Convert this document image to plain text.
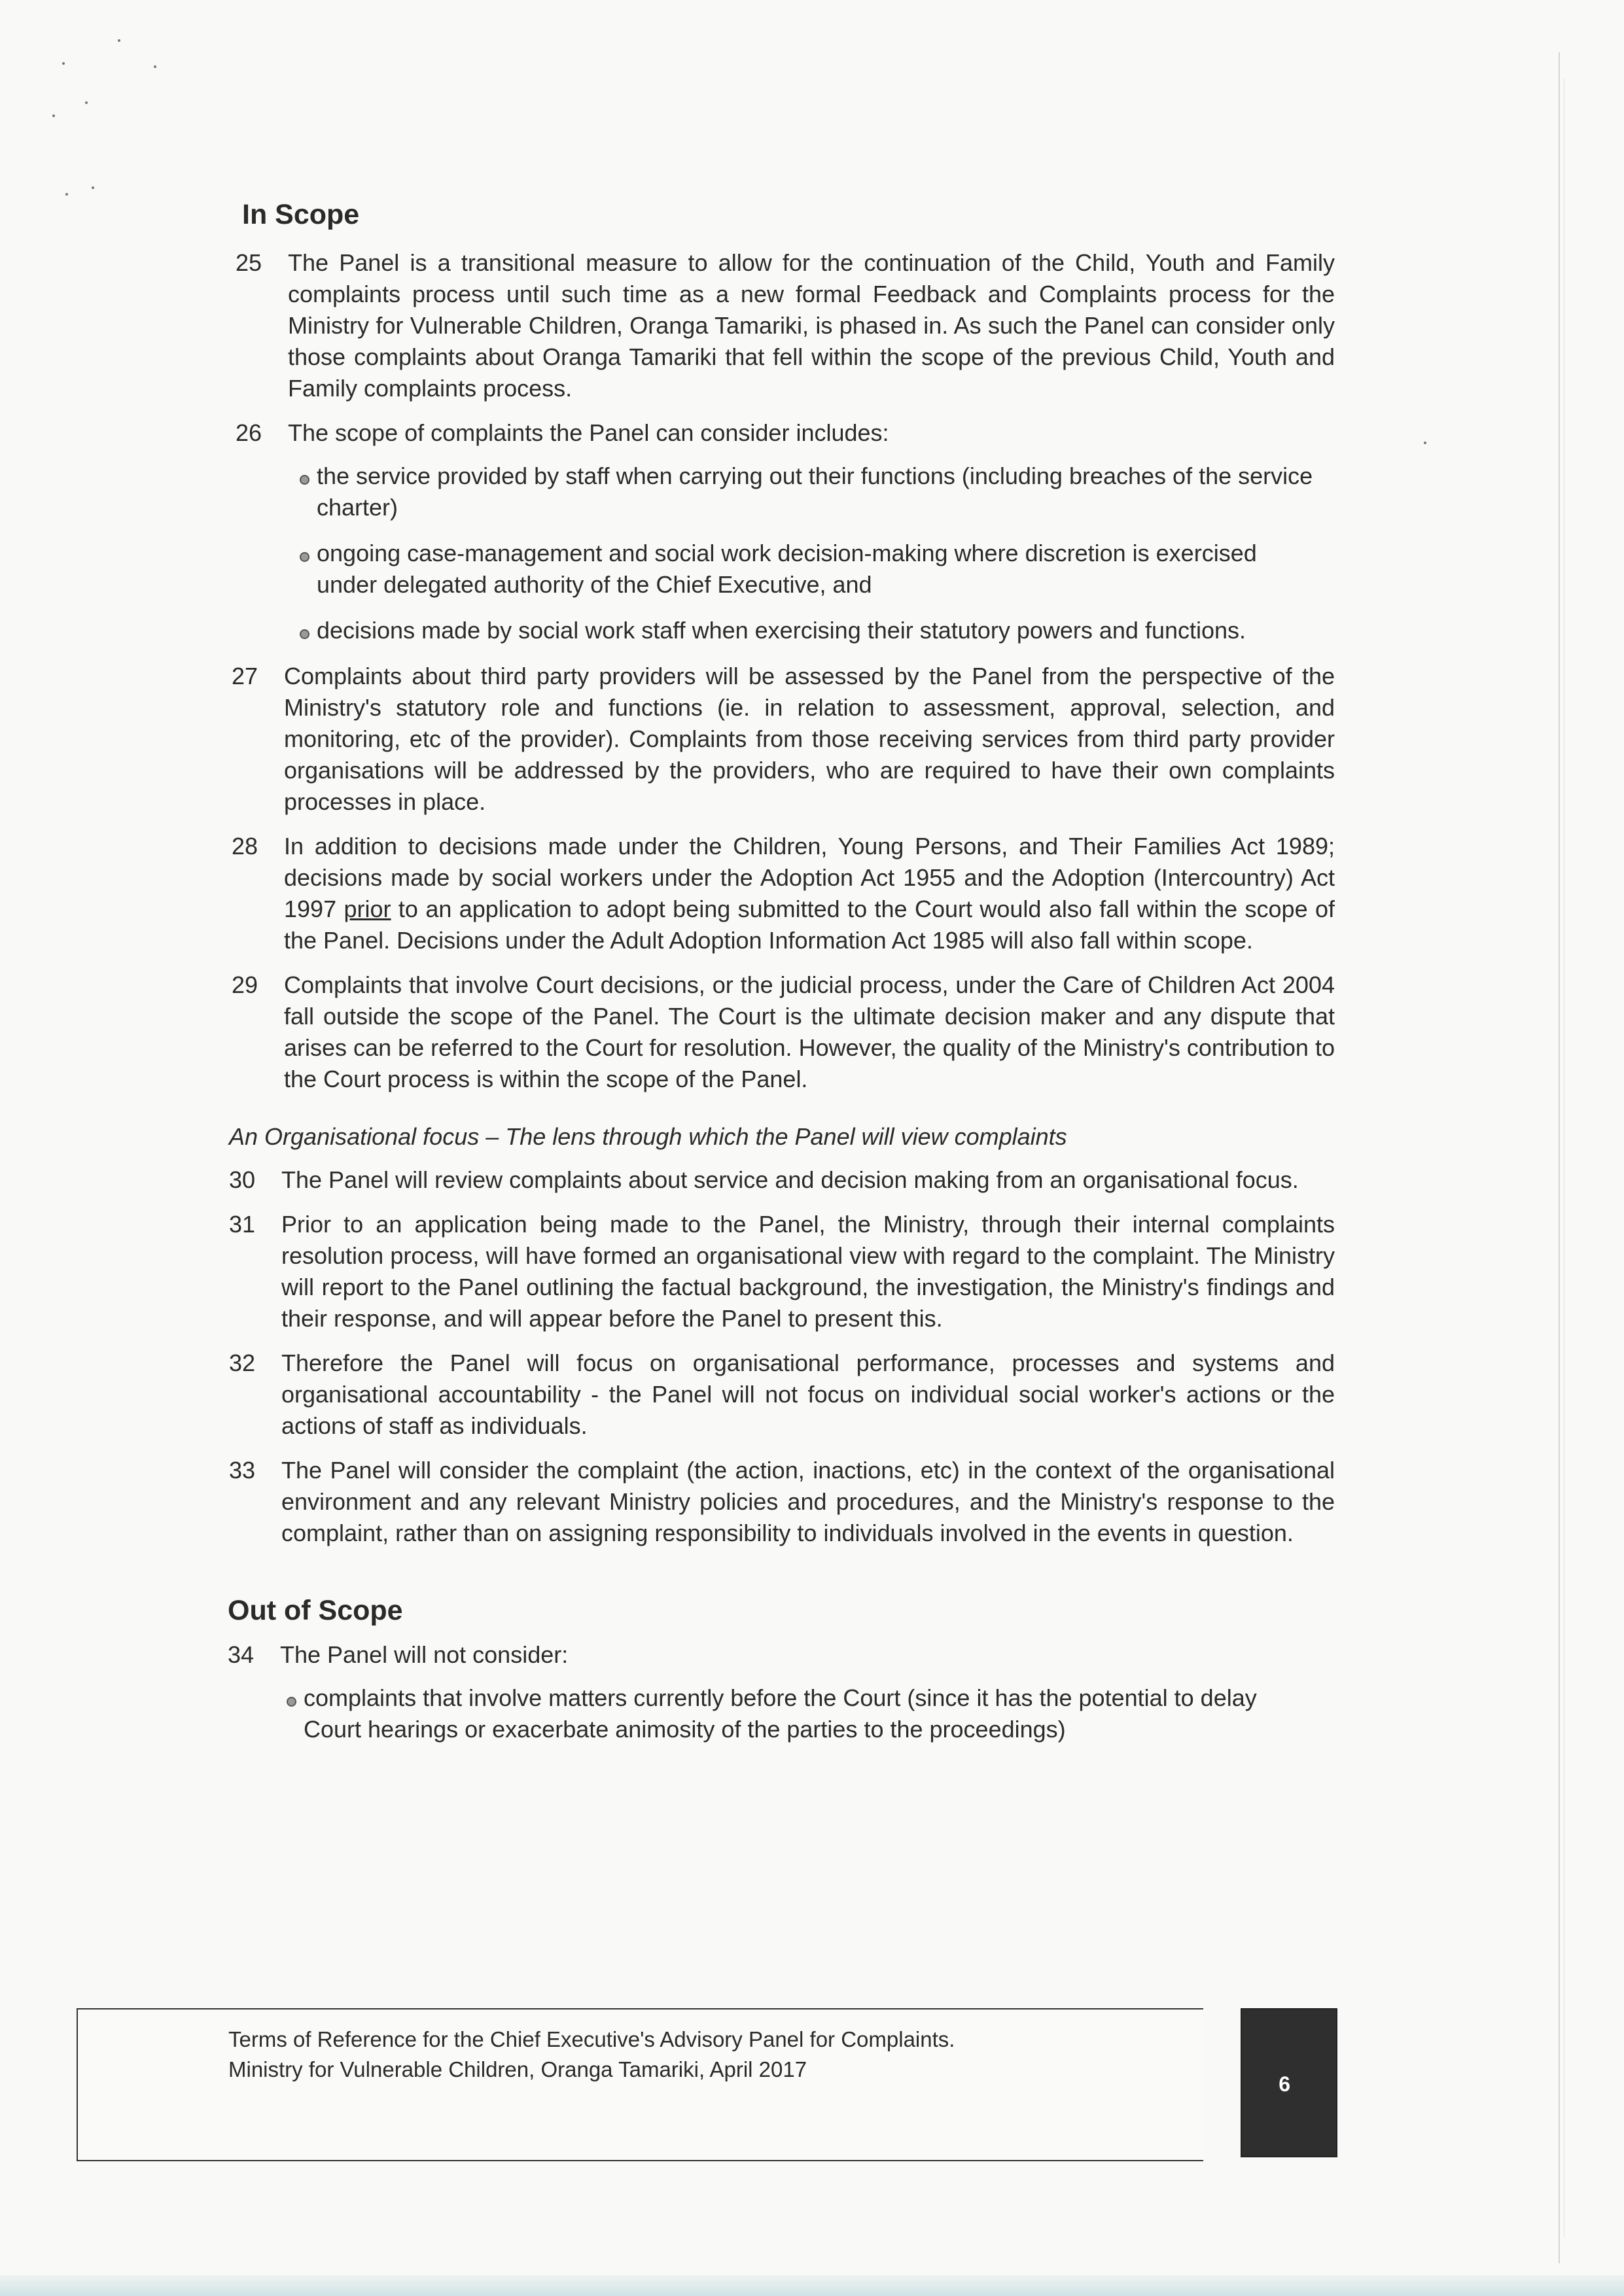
In Scope
25	The Panel is a transitional measure to allow for the continuation of the Child, Youth and Family complaints process until such time as a new formal Feedback and Complaints process for the Ministry for Vulnerable Children, Oranga Tamariki, is phased in. As such the Panel can consider only those complaints about Oranga Tamariki that fell within the scope of the previous Child, Youth and Family complaints process.
26	The scope of complaints the Panel can consider includes:
the service provided by staff when carrying out their functions (including breaches of the service charter)
ongoing case-management and social work decision-making where discretion is exercised under delegated authority of the Chief Executive, and
decisions made by social work staff when exercising their statutory powers and functions.
27	Complaints about third party providers will be assessed by the Panel from the perspective of the Ministry's statutory role and functions (ie. in relation to assessment, approval, selection, and monitoring, etc of the provider). Complaints from those receiving services from third party provider organisations will be addressed by the providers, who are required to have their own complaints processes in place.
28	In addition to decisions made under the Children, Young Persons, and Their Families Act 1989; decisions made by social workers under the Adoption Act 1955 and the Adoption (Intercountry) Act 1997 prior to an application to adopt being submitted to the Court would also fall within the scope of the Panel. Decisions under the Adult Adoption Information Act 1985 will also fall within scope.
29	Complaints that involve Court decisions, or the judicial process, under the Care of Children Act 2004 fall outside the scope of the Panel. The Court is the ultimate decision maker and any dispute that arises can be referred to the Court for resolution. However, the quality of the Ministry's contribution to the Court process is within the scope of the Panel.

An Organisational focus – The lens through which the Panel will view complaints

30	The Panel will review complaints about service and decision making from an organisational focus.
31	Prior to an application being made to the Panel, the Ministry, through their internal complaints resolution process, will have formed an organisational view with regard to the complaint. The Ministry will report to the Panel outlining the factual background, the investigation, the Ministry's findings and their response, and will appear before the Panel to present this.
32	Therefore the Panel will focus on organisational performance, processes and systems and organisational accountability - the Panel will not focus on individual social worker's actions or the actions of staff as individuals.
33	The Panel will consider the complaint (the action, inactions, etc) in the context of the organisational environment and any relevant Ministry policies and procedures, and the Ministry's response to the complaint, rather than on assigning responsibility to individuals involved in the events in question.
Out of Scope
34	The Panel will not consider:
complaints that involve matters currently before the Court (since it has the potential to delay Court hearings or exacerbate animosity of the parties to the proceedings)
Terms of Reference for the Chief Executive's Advisory Panel for Complaints.
Ministry for Vulnerable Children, Oranga Tamariki, April 2017
6
